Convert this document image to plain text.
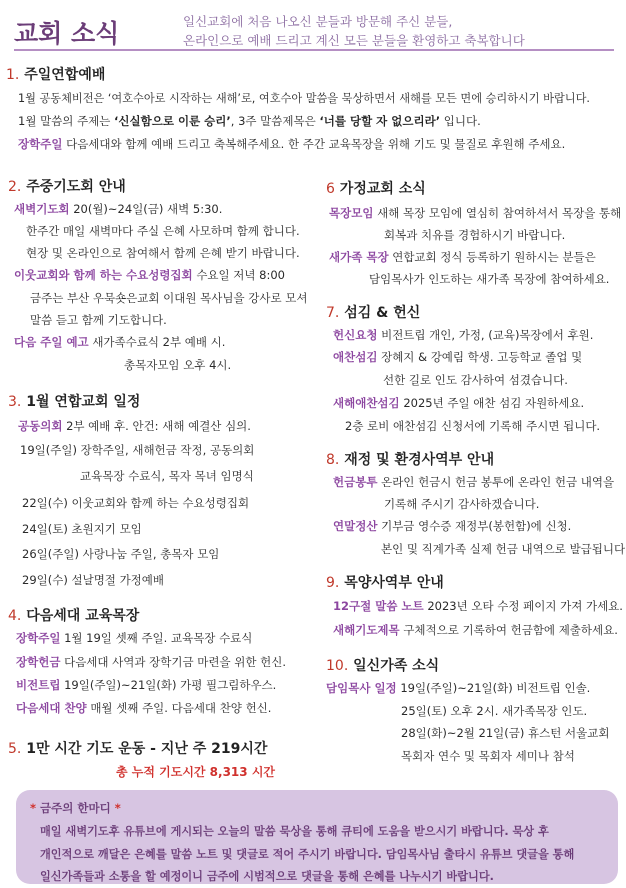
교회 소식	일신교회에 처음 나오신 분들과 방문해 주신 분들,
온라인으로 예배 드리고 계신 모든 분들을 환영하고 축복합니다
1. 주일연합예배
1월 공동체비전은 ‘여호수아로 시작하는 새해’로, 여호수아 말씀을 묵상하면서 새해를 모든 면에 승리하시기 바랍니다.
1월 말씀의 주제는 ‘신실함으로 이룬 승리’, 3주 말씀제목은 ‘너를 당할 자 없으리라’ 입니다.
장학주일 다음세대와 함께 예배 드리고 축복해주세요. 한 주간 교육목장을 위해 기도 및 물질로 후원해 주세요.
2. 주중기도회 안내
새벽기도회 20(월)~24일(금) 새벽 5:30.
한주간 매일 새벽마다 주실 은혜 사모하며 함께 합니다.
현장 및 온라인으로 참여해서 함께 은혜 받기 바랍니다.
이웃교회와 함께 하는 수요성령집회 수요일 저녁 8:00
금주는 부산 우묵숏은교회 이대원 목사님을 강사로 모셔
말씀 듣고 함께 기도합니다.
다음 주일 예고 새가족수료식 2부 예배 시.
총목자모임 오후 4시.
3. 1월 연합교회 일정
공동의회 2부 예배 후. 안건: 새해 예결산 심의.
19일(주일) 장학주일, 새해헌금 작정, 공동의회
교육목장 수료식, 목자 목녀 임명식
22일(수) 이웃교회와 함께 하는 수요성령집회
24일(토) 초원지기 모임
26일(주일) 사랑나눔 주일, 총목자 모임
29일(수) 설날명절 가정예배
4. 다음세대 교육목장
장학주일 1월 19일 셋째 주일. 교육목장 수료식
장학헌금 다음세대 사역과 장학기금 마련을 위한 헌신.
비전트립 19일(주일)~21일(화) 가평 필그림하우스.
다음세대 찬양 매월 셋째 주일. 다음세대 찬양 헌신.
5. 1만 시간 기도 운동 - 지난 주 219시간
총 누적 기도시간 8,313 시간
6 가정교회 소식
목장모임 새해 목장 모임에 열심히 참여하셔서 목장을 통해
회복과 치유를 경험하시기 바랍니다.
새가족 목장 연합교회 정식 등록하기 원하시는 분들은
담임목사가 인도하는 새가족 목장에 참여하세요.
7. 섬김 & 헌신
헌신요청 비전트립 개인, 가정, (교육)목장에서 후원.
애찬섬김 장혜지 & 강예림 학생. 고등학교 졸업 및
선한 길로 인도 감사하여 섬겼습니다.
새해애찬섬김 2025년 주일 애찬 섬김 자원하세요.
2층 로비 애찬섬김 신청서에 기록해 주시면 됩니다.
8. 재정 및 환경사역부 안내
헌금봉투 온라인 헌금시 헌금 봉투에 온라인 헌금 내역을
기록해 주시기 감사하겠습니다.
연말정산 기부금 영수증 재정부(봉헌함)에 신청.
본인 및 직계가족 실제 헌금 내역으로 발급됩니다
9. 목양사역부 안내
12구절 말씀 노트 2023년 오타 수정 페이지 가져 가세요.
새해기도제목 구체적으로 기록하여 헌금함에 제출하세요.
10. 일신가족 소식
담임목사 일정 19일(주일)~21일(화) 비전트립 인솔.
25일(토) 오후 2시. 새가족목장 인도.
28일(화)~2월 21일(금) 휴스턴 서울교회
목회자 연수 및 목회자 세미나 참석
* 금주의 한마디 *
매일 새벽기도후 유튜브에 게시되는 오늘의 말씀 묵상을 통해 큐티에 도움을 받으시기 바랍니다. 묵상 후
개인적으로 깨달은 은혜를 말씀 노트 및 댓글로 적어 주시기 바랍니다. 담임목사님 출타시 유튜브 댓글을 통해
일신가족들과 소통을 할 예정이니 금주에 시범적으로 댓글을 통해 은혜를 나누시기 바랍니다.
